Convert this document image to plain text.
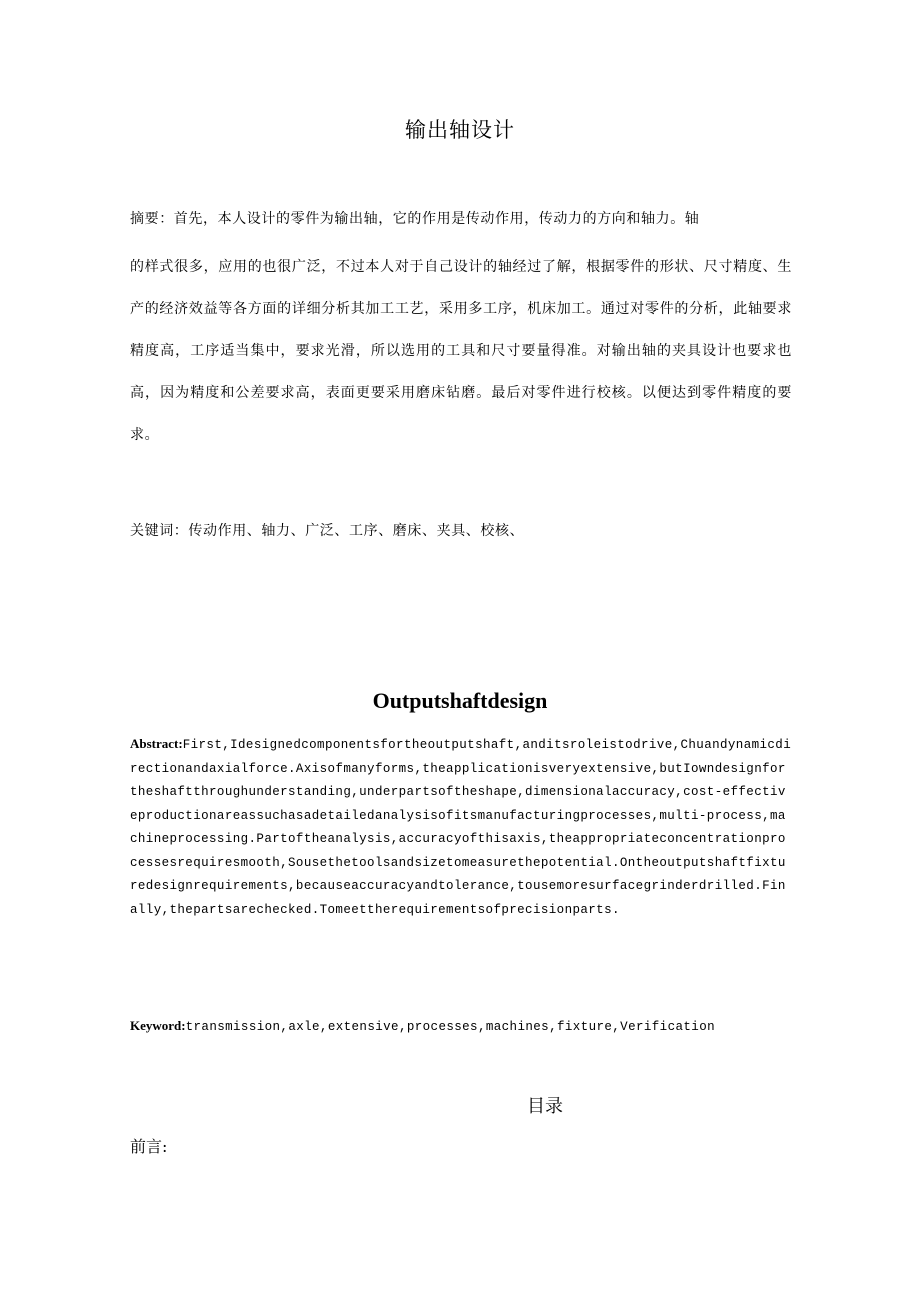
输出轴设计

摘要：首先，本人设计的零件为输出轴，它的作用是传动作用，传动力的方向和轴力。轴
的样式很多，应用的也很广泛，不过本人对于自己设计的轴经过了解，根据零件的形状、尺寸精度、生产的经济效益等各方面的详细分析其加工工艺，采用多工序，机床加工。通过对零件的分析，此轴要求精度高，工序适当集中，要求光滑，所以选用的工具和尺寸要量得准。对输出轴的夹具设计也要求也高，因为精度和公差要求高，表面更要采用磨床钻磨。最后对零件进行校核。以便达到零件精度的要求。

关键词：传动作用、轴力、广泛、工序、磨床、夹具、校核、
Outputshaftdesign

Abstract:First,Idesignedcomponentsfortheoutputshaft,anditsroleistodrive,Chuandynamicdirectionandaxialforce.Axisofmanyforms,theapplicationisveryextensive,butIowndesignfortheshaftthroughunderstanding,underpartsoftheshape,dimensionalaccuracy,cost-effectiveproductionareassuchasadetailedanalysisofitsmanufacturingprocesses,multi-process,machineprocessing.Partoftheanalysis,accuracyofthisaxis,theappropriateconcentrationprocessesrequiresmooth,Sousethetoolsandsizetomeasurethepotential.Ontheoutputshaftfixturedesignrequirements,becauseaccuracyandtolerance,tousemoresurfacegrinderdrilled.Finally,thepartsarechecked.Tomeettherequirementsofprecisionparts.

Keyword:transmission,axle,extensive,processes,machines,fixture,Verification
目录
前言:
